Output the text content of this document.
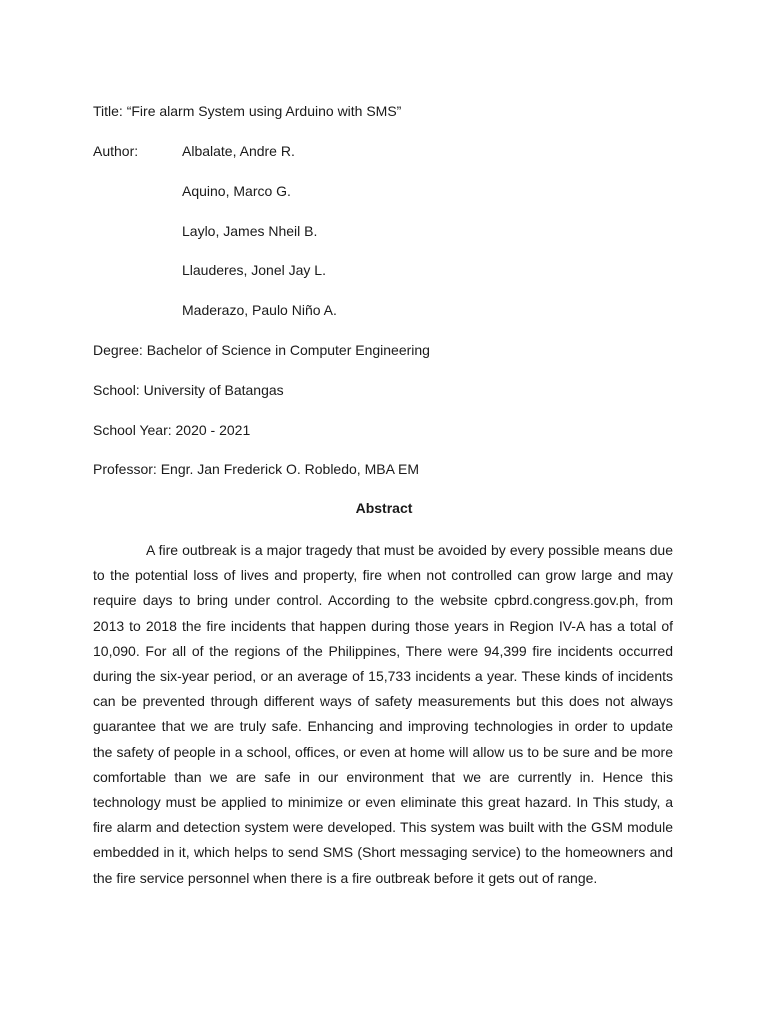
Title: “Fire alarm System using Arduino with SMS”
Author:	Albalate, Andre R.
Aquino, Marco G.
Laylo, James Nheil B.
Llauderes, Jonel Jay L.
Maderazo, Paulo Niño A.
Degree: Bachelor of Science in Computer Engineering
School: University of Batangas
School Year: 2020 - 2021
Professor: Engr. Jan Frederick O. Robledo, MBA EM
Abstract

A fire outbreak is a major tragedy that must be avoided by every possible means due to the potential loss of lives and property, fire when not controlled can grow large and may require days to bring under control. According to the website cpbrd.congress.gov.ph, from 2013 to 2018 the fire incidents that happen during those years in Region IV-A has a total of 10,090. For all of the regions of the Philippines, There were 94,399 fire incidents occurred during the six-year period, or an average of 15,733 incidents a year. These kinds of incidents can be prevented through different ways of safety measurements but this does not always guarantee that we are truly safe. Enhancing and improving technologies in order to update the safety of people in a school, offices, or even at home will allow us to be sure and be more comfortable than we are safe in our environment that we are currently in. Hence this technology must be applied to minimize or even eliminate this great hazard. In This study, a fire alarm and detection system were developed. This system was built with the GSM module embedded in it, which helps to send SMS (Short messaging service) to the homeowners and the fire service personnel when there is a fire outbreak before it gets out of range.
